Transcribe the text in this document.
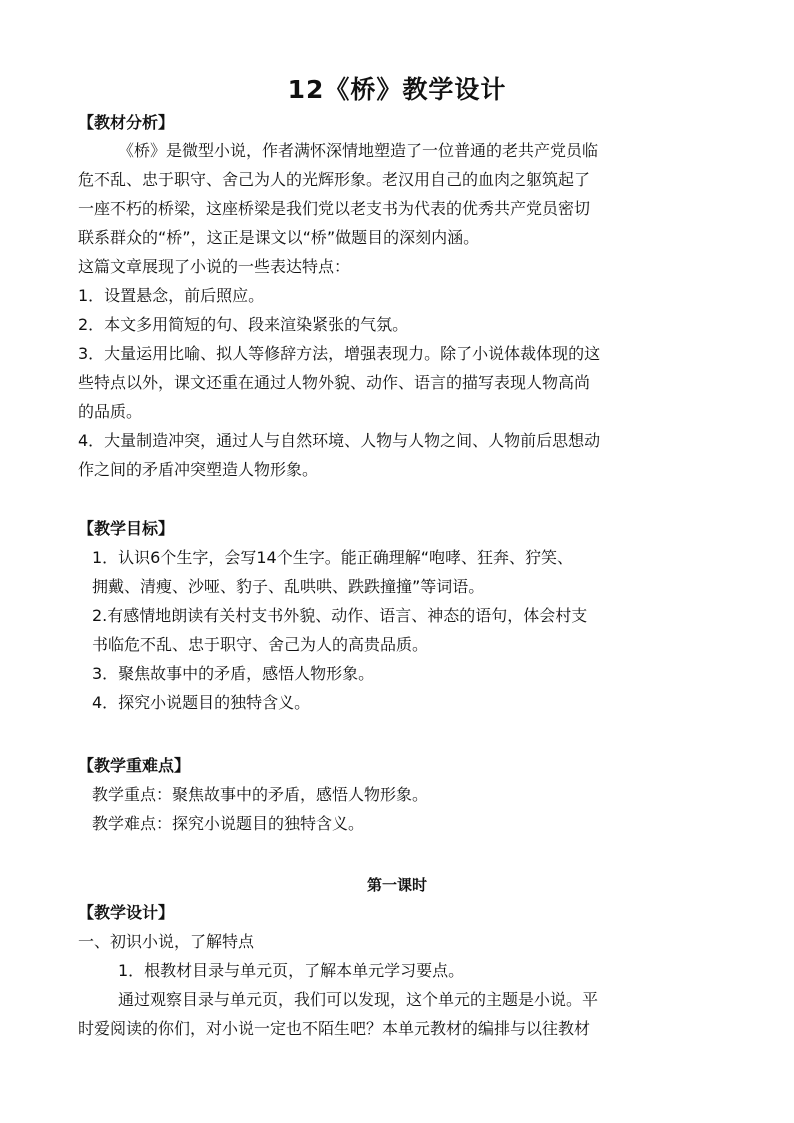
12《桥》教学设计
【教材分析】
《桥》是微型小说，作者满怀深情地塑造了一位普通的老共产党员临
危不乱、忠于职守、舍己为人的光辉形象。老汉用自己的血肉之躯筑起了
一座不朽的桥梁，这座桥梁是我们党以老支书为代表的优秀共产党员密切
联系群众的“桥”，这正是课文以“桥”做题目的深刻内涵。
这篇文章展现了小说的一些表达特点：
1．设置悬念，前后照应。
2．本文多用简短的句、段来渲染紧张的气氛。
3．大量运用比喻、拟人等修辞方法，增强表现力。除了小说体裁体现的这
些特点以外，课文还重在通过人物外貌、动作、语言的描写表现人物高尚
的品质。
4．大量制造冲突，通过人与自然环境、人物与人物之间、人物前后思想动
作之间的矛盾冲突塑造人物形象。
【教学目标】
1．认识6个生字，会写14个生字。能正确理解“咆哮、狂奔、狞笑、
拥戴、清瘦、沙哑、豹子、乱哄哄、跌跌撞撞”等词语。
2.有感情地朗读有关村支书外貌、动作、语言、神态的语句，体会村支
书临危不乱、忠于职守、舍己为人的高贵品质。
3．聚焦故事中的矛盾，感悟人物形象。
4．探究小说题目的独特含义。
【教学重难点】
教学重点：聚焦故事中的矛盾，感悟人物形象。
教学难点：探究小说题目的独特含义。
第一课时
【教学设计】
一、初识小说，了解特点
1．根教材目录与单元页，了解本单元学习要点。
通过观察目录与单元页，我们可以发现，这个单元的主题是小说。平
时爱阅读的你们，对小说一定也不陌生吧？本单元教材的编排与以往教材
